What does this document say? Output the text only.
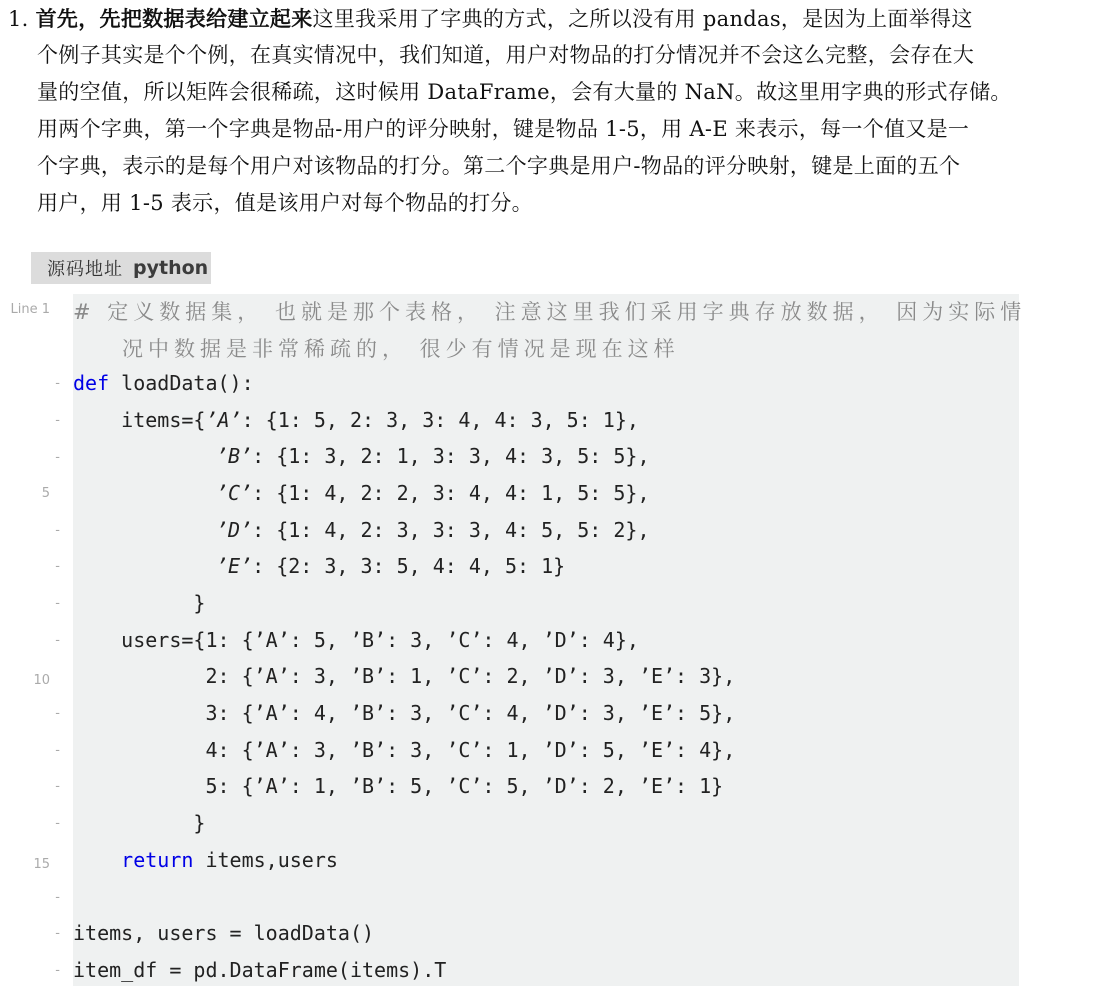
1. 首先，先把数据表给建立起来这里我采用了字典的方式，之所以没有用 pandas，是因为上面举得这
个例子其实是个个例，在真实情况中，我们知道，用户对物品的打分情况并不会这么完整，会存在大
量的空值，所以矩阵会很稀疏，这时候用 DataFrame，会有大量的 NaN。故这里用字典的形式存储。
用两个字典，第一个字典是物品-用户的评分映射，键是物品 1-5，用 A-E 来表示，每一个值又是一
个字典，表示的是每个用户对该物品的打分。第二个字典是用户-物品的评分映射，键是上面的五个
用户，用 1-5 表示，值是该用户对每个物品的打分。
源码地址 python
Line 1
-
-
-
5
-
-
-
-
10
-
-
-
-
15
-
-
-
# 定义数据集， 也就是那个表格， 注意这里我们采用字典存放数据， 因为实际情
况中数据是非常稀疏的， 很少有情况是现在这样
def loadData():
items={’A’: {1: 5, 2: 3, 3: 4, 4: 3, 5: 1},
’B’: {1: 3, 2: 1, 3: 3, 4: 3, 5: 5},
’C’: {1: 4, 2: 2, 3: 4, 4: 1, 5: 5},
’D’: {1: 4, 2: 3, 3: 3, 4: 5, 5: 2},
’E’: {2: 3, 3: 5, 4: 4, 5: 1}
}
users={1: {’A’: 5, ’B’: 3, ’C’: 4, ’D’: 4},
2: {’A’: 3, ’B’: 1, ’C’: 2, ’D’: 3, ’E’: 3},
3: {’A’: 4, ’B’: 3, ’C’: 4, ’D’: 3, ’E’: 5},
4: {’A’: 3, ’B’: 3, ’C’: 1, ’D’: 5, ’E’: 4},
5: {’A’: 1, ’B’: 5, ’C’: 5, ’D’: 2, ’E’: 1}
}
return items,users
items, users = loadData()
item_df = pd.DataFrame(items).T
